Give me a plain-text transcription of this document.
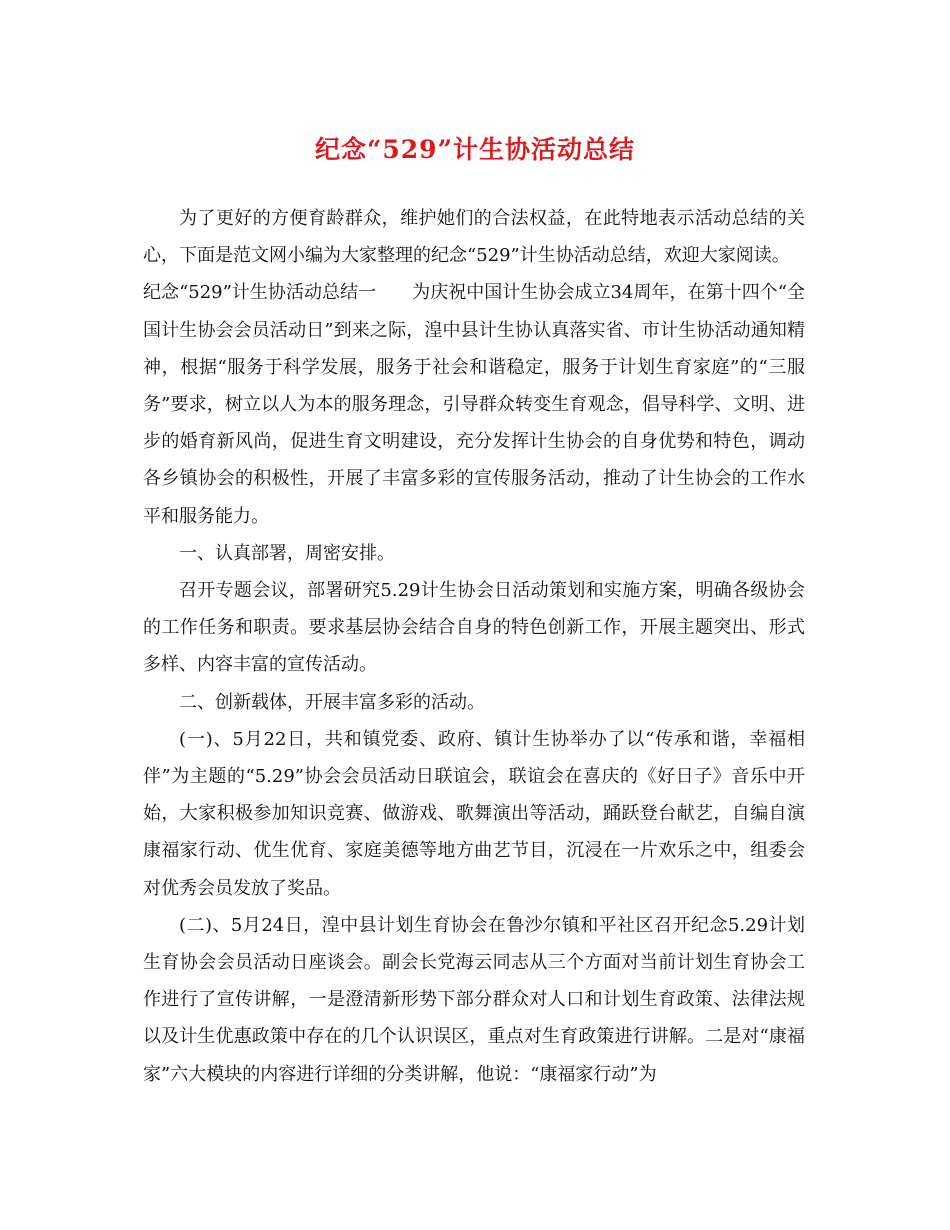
纪念“529”计生协活动总结

为了更好的方便育龄群众，维护她们的合法权益，在此特地表示活动总结的关心，下面是范文网小编为大家整理的纪念“529”计生协活动总结，欢迎大家阅读。

纪念“529”计生协活动总结一 为庆祝中国计生协会成立34周年，在第十四个“全国计生协会会员活动日”到来之际，湟中县计生协认真落实省、市计生协活动通知精神，根据“服务于科学发展，服务于社会和谐稳定，服务于计划生育家庭”的“三服务”要求，树立以人为本的服务理念，引导群众转变生育观念，倡导科学、文明、进步的婚育新风尚，促进生育文明建设，充分发挥计生协会的自身优势和特色，调动各乡镇协会的积极性，开展了丰富多彩的宣传服务活动，推动了计生协会的工作水平和服务能力。

一、认真部署，周密安排。

召开专题会议，部署研究5.29计生协会日活动策划和实施方案，明确各级协会的工作任务和职责。要求基层协会结合自身的特色创新工作，开展主题突出、形式多样、内容丰富的宣传活动。

二、创新载体，开展丰富多彩的活动。

(一)、5月22日，共和镇党委、政府、镇计生协举办了以“传承和谐，幸福相伴”为主题的“5.29”协会会员活动日联谊会，联谊会在喜庆的《好日子》音乐中开始，大家积极参加知识竞赛、做游戏、歌舞演出等活动，踊跃登台献艺，自编自演康福家行动、优生优育、家庭美德等地方曲艺节目，沉浸在一片欢乐之中，组委会对优秀会员发放了奖品。

(二)、5月24日，湟中县计划生育协会在鲁沙尔镇和平社区召开纪念5.29计划生育协会会员活动日座谈会。副会长党海云同志从三个方面对当前计划生育协会工作进行了宣传讲解，一是澄清新形势下部分群众对人口和计划生育政策、法律法规以及计生优惠政策中存在的几个认识误区，重点对生育政策进行讲解。二是对“康福家”六大模块的内容进行详细的分类讲解，他说：“康福家行动”为
